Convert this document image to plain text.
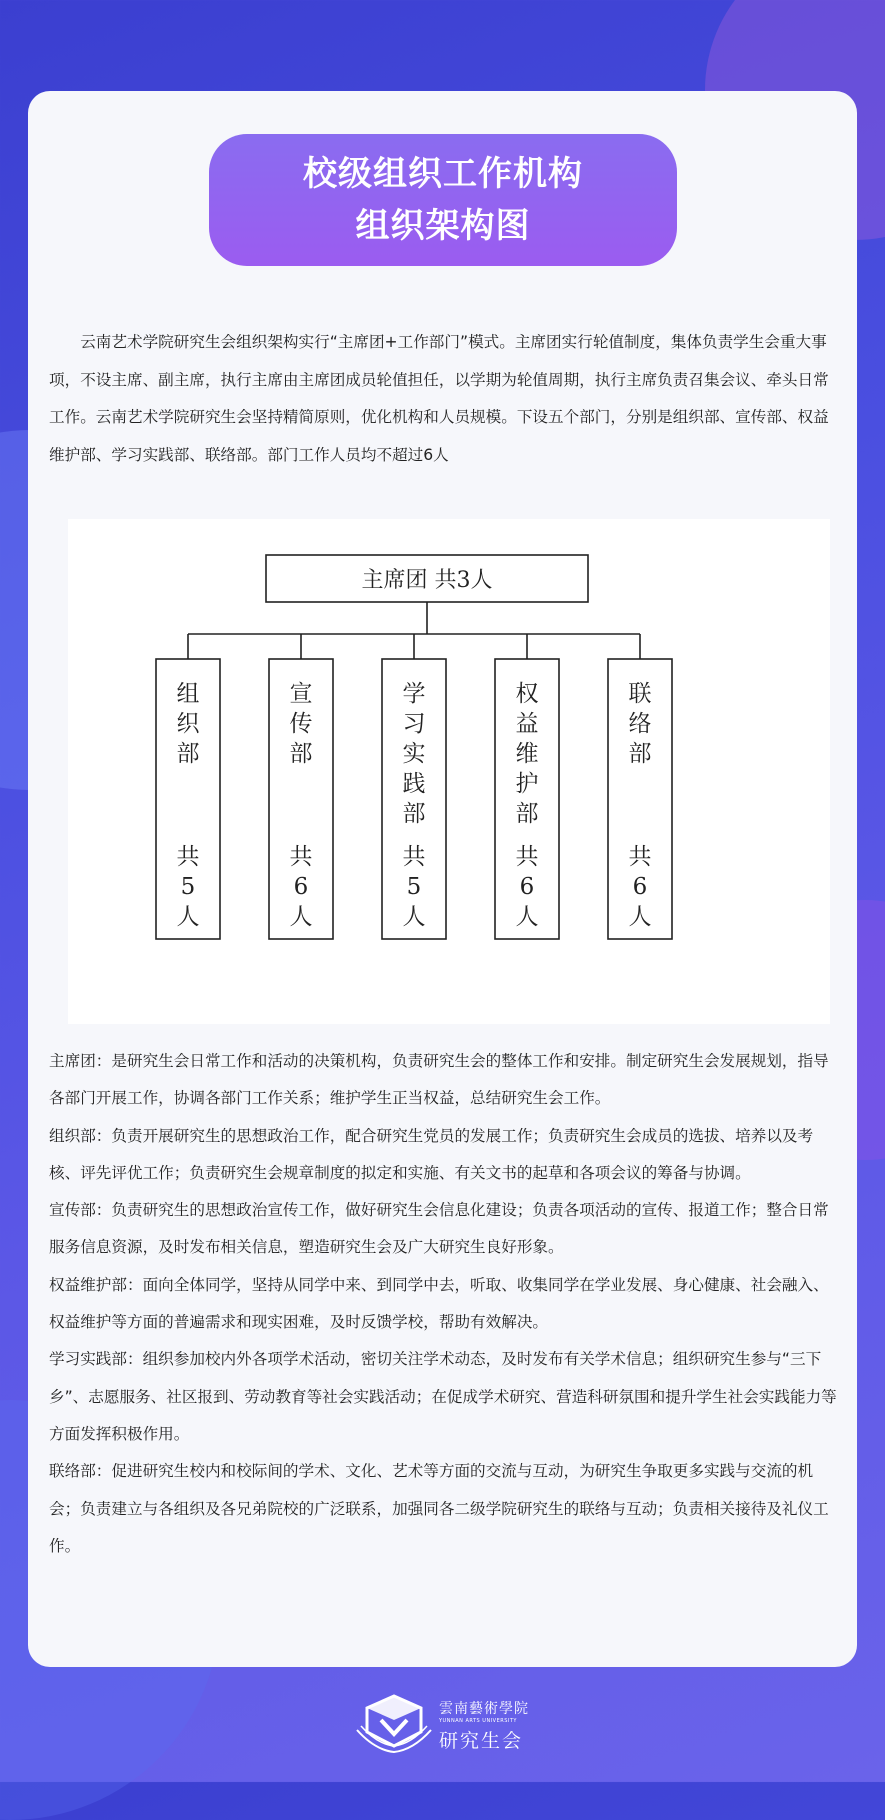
校级组织工作机构
组织架构图

云南艺术学院研究生会组织架构实行“主席团+工作部门”模式。主席团实行轮值制度，集体负责学生会重大事项，不设主席、副主席，执行主席由主席团成员轮值担任，以学期为轮值周期，执行主席负责召集会议、牵头日常工作。云南艺术学院研究生会坚持精简原则，优化机构和人员规模。下设五个部门，分别是组织部、宣传部、权益维护部、学习实践部、联络部。部门工作人员均不超过6人

主席团 共3人
组
织
部
共
5
人
宣
传
部
共
6
人
学
习
实
践
部
共
5
人
权
益
维
护
部
共
6
人
联
络
部
共
6
人

主席团：是研究生会日常工作和活动的决策机构，负责研究生会的整体工作和安排。制定研究生会发展规划，指导各部门开展工作，协调各部门工作关系；维护学生正当权益，总结研究生会工作。

组织部：负责开展研究生的思想政治工作，配合研究生党员的发展工作；负责研究生会成员的选拔、培养以及考核、评先评优工作；负责研究生会规章制度的拟定和实施、有关文书的起草和各项会议的筹备与协调。

宣传部：负责研究生的思想政治宣传工作，做好研究生会信息化建设；负责各项活动的宣传、报道工作；整合日常服务信息资源，及时发布相关信息，塑造研究生会及广大研究生良好形象。

权益维护部：面向全体同学，坚持从同学中来、到同学中去，听取、收集同学在学业发展、身心健康、社会融入、权益维护等方面的普遍需求和现实困难，及时反馈学校，帮助有效解决。

学习实践部：组织参加校内外各项学术活动，密切关注学术动态，及时发布有关学术信息；组织研究生参与“三下乡”、志愿服务、社区报到、劳动教育等社会实践活动；在促成学术研究、营造科研氛围和提升学生社会实践能力等方面发挥积极作用。

联络部：促进研究生校内和校际间的学术、文化、艺术等方面的交流与互动，为研究生争取更多实践与交流的机会；负责建立与各组织及各兄弟院校的广泛联系，加强同各二级学院研究生的联络与互动；负责相关接待及礼仪工作。

雲南藝術學院
YUNNAN ARTS UNIVERSITY
研究生会
